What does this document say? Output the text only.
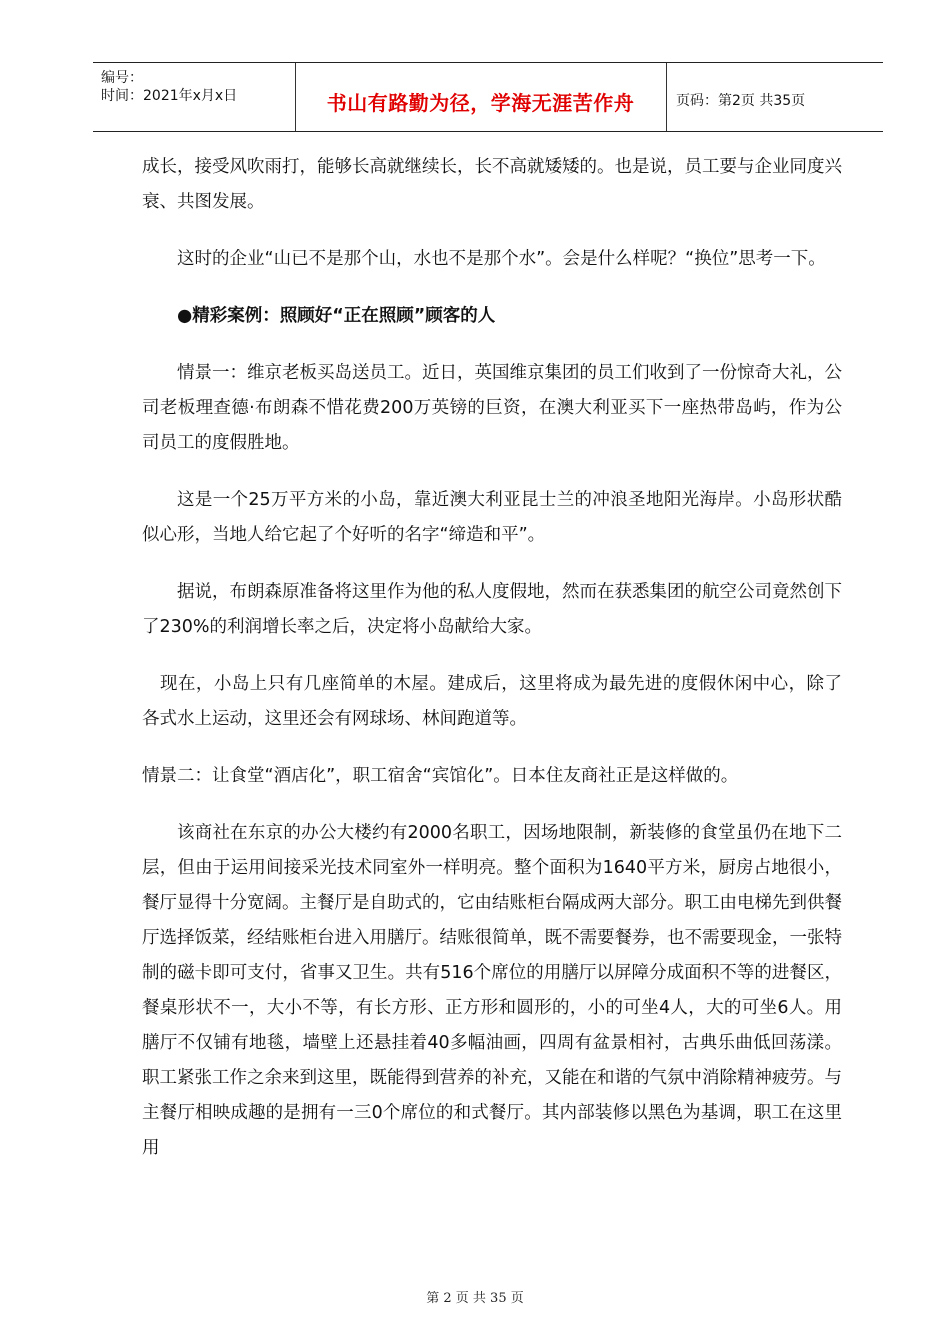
编号：
时间：2021年x月x日	书山有路勤为径，学海无涯苦作舟	页码：第2页 共35页

成长，接受风吹雨打，能够长高就继续长，长不高就矮矮的。也是说，员工要与企业同度兴衰、共图发展。

这时的企业“山已不是那个山，水也不是那个水”。会是什么样呢？“换位”思考一下。

●精彩案例：照顾好“正在照顾”顾客的人

情景一：维京老板买岛送员工。近日，英国维京集团的员工们收到了一份惊奇大礼，公司老板理查德·布朗森不惜花费200万英镑的巨资，在澳大利亚买下一座热带岛屿，作为公司员工的度假胜地。

这是一个25万平方米的小岛，靠近澳大利亚昆士兰的冲浪圣地阳光海岸。小岛形状酷似心形，当地人给它起了个好听的名字“缔造和平”。

据说，布朗森原准备将这里作为他的私人度假地，然而在获悉集团的航空公司竟然创下了230%的利润增长率之后，决定将小岛献给大家。

现在，小岛上只有几座简单的木屋。建成后，这里将成为最先进的度假休闲中心，除了各式水上运动，这里还会有网球场、林间跑道等。

情景二：让食堂“酒店化”，职工宿舍“宾馆化”。日本住友商社正是这样做的。

该商社在东京的办公大楼约有2000名职工，因场地限制，新装修的食堂虽仍在地下二层，但由于运用间接采光技术同室外一样明亮。整个面积为1640平方米，厨房占地很小，餐厅显得十分宽阔。主餐厅是自助式的，它由结账柜台隔成两大部分。职工由电梯先到供餐厅选择饭菜，经结账柜台进入用膳厅。结账很简单，既不需要餐券，也不需要现金，一张特制的磁卡即可支付，省事又卫生。共有516个席位的用膳厅以屏障分成面积不等的进餐区，餐桌形状不一，大小不等，有长方形、正方形和圆形的，小的可坐4人，大的可坐6人。用膳厅不仅铺有地毯，墙壁上还悬挂着40多幅油画，四周有盆景相衬，古典乐曲低回荡漾。职工紧张工作之余来到这里，既能得到营养的补充，又能在和谐的气氛中消除精神疲劳。与主餐厅相映成趣的是拥有一三0个席位的和式餐厅。其内部装修以黑色为基调，职工在这里用

第 2 页 共 35 页
